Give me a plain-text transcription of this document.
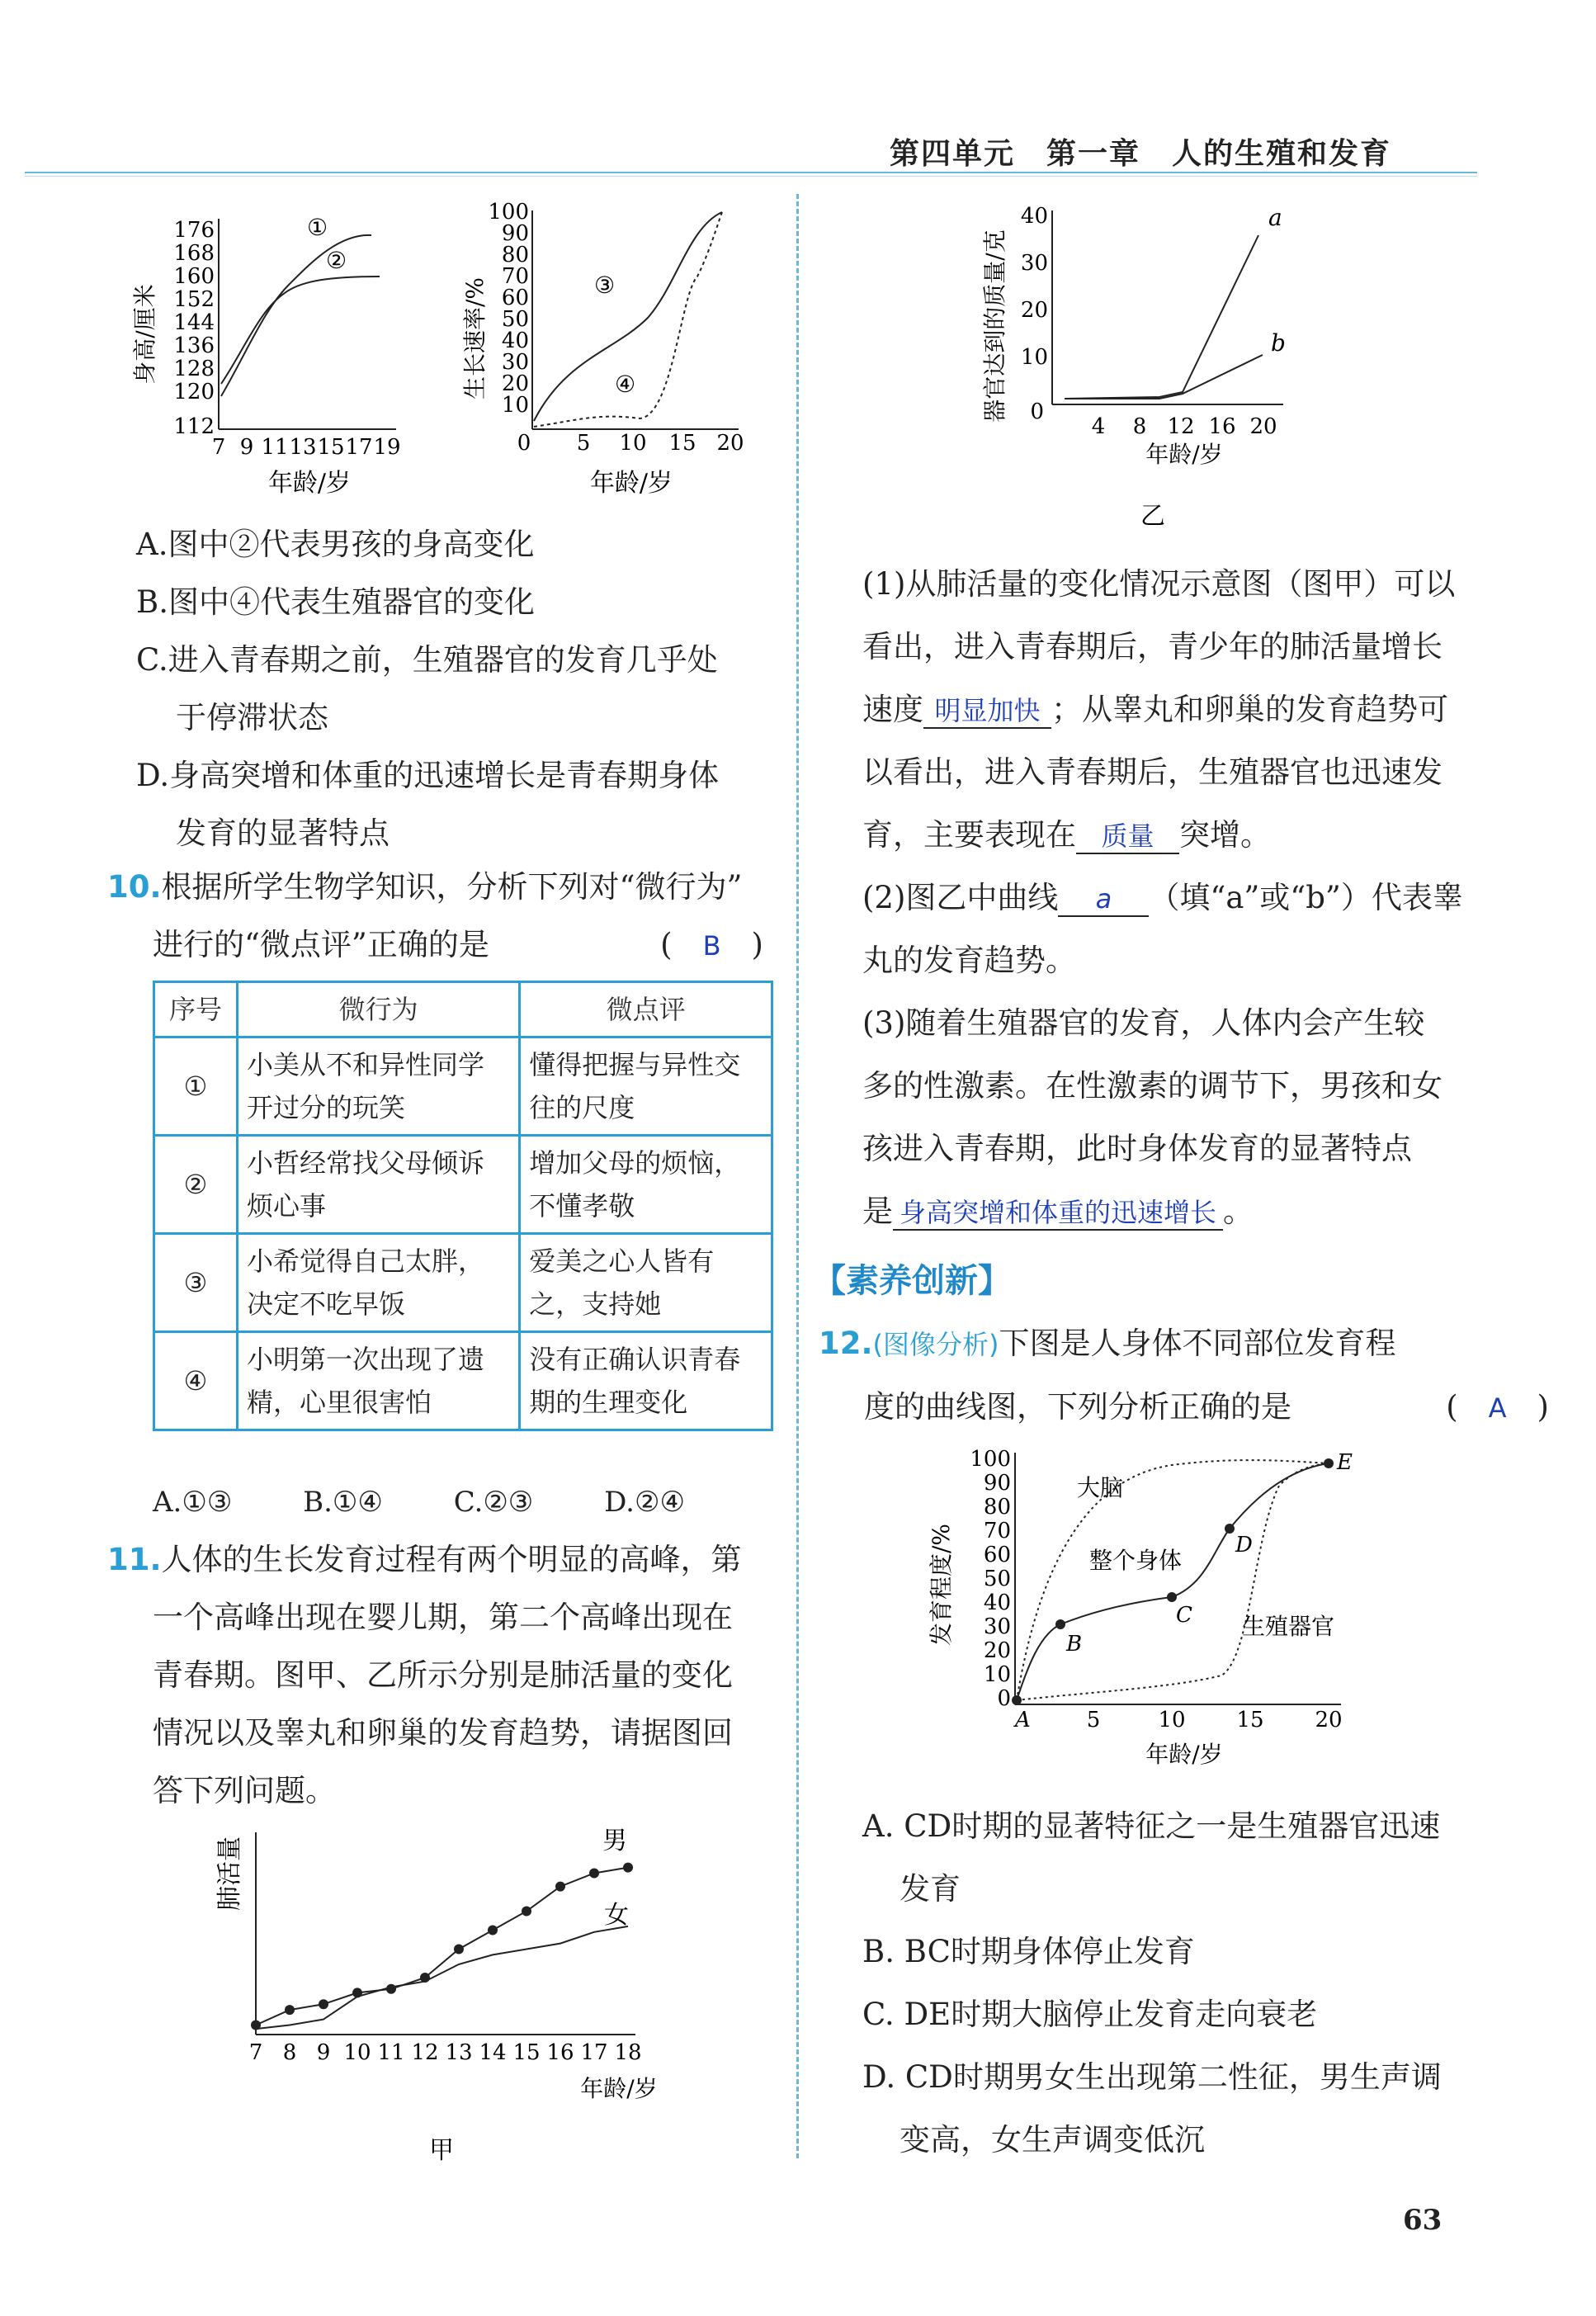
第四单元　第一章　人的生殖和发育
身高/厘米
176
168
160
152
144
136
128
120
112
7 9 11 13 15 17 19
年龄/岁
①
②
生长速率/%
100
90
80
70
60
50
40
30
20
10
0 5 10 15 20
年龄/岁
③
④
A.图中②代表男孩的身高变化
B.图中④代表生殖器官的变化
C.进入青春期之前，生殖器官的发育几乎处
于停滞状态
D.身高突增和体重的迅速增长是青春期身体
发育的显著特点
10.根据所学生物学知识，分析下列对“微行为”
进行的“微点评”正确的是	(　B　)
序号	微行为	微点评
①	小美从不和异性同学开过分的玩笑	懂得把握与异性交往的尺度
②	小哲经常找父母倾诉烦心事	增加父母的烦恼，不懂孝敬
③	小希觉得自己太胖，决定不吃早饭	爱美之心人皆有之，支持她
④	小明第一次出现了遗精，心里很害怕	没有正确认识青春期的生理变化
A.①③	B.①④	C.②③	D.②④
11.人体的生长发育过程有两个明显的高峰，第
一个高峰出现在婴儿期，第二个高峰出现在
青春期。图甲、乙所示分别是肺活量的变化
情况以及睾丸和卵巢的发育趋势，请据图回
答下列问题。
肺活量
7 8 9 10 11 12 13 14 15 16 17 18
年龄/岁
男
女
甲
器官达到的质量/克
40
30
20
10
0
4 8 12 16 20
年龄/岁
a
b
乙
(1)从肺活量的变化情况示意图（图甲）可以
看出，进入青春期后，青少年的肺活量增长
速度 明显加快 ；从睾丸和卵巢的发育趋势可
以看出，进入青春期后，生殖器官也迅速发
育，主要表现在 质量 突增。
(2)图乙中曲线 a （填“a”或“b”）代表睾
丸的发育趋势。
(3)随着生殖器官的发育，人体内会产生较
多的性激素。在性激素的调节下，男孩和女
孩进入青春期，此时身体发育的显著特点
是 身高突增和体重的迅速增长 。
【素养创新】
12.(图像分析)下图是人身体不同部位发育程
度的曲线图，下列分析正确的是	(　A　)
发育程度/%
100
90
80
70
60
50
40
30
20
10
0
5	10 15 20
年龄/岁
A
B
C
D
E
大脑
整个身体
生殖器官
A. CD时期的显著特征之一是生殖器官迅速
发育
B. BC时期身体停止发育
C. DE时期大脑停止发育走向衰老
D. CD时期男女生出现第二性征，男生声调
变高，女生声调变低沉
63
